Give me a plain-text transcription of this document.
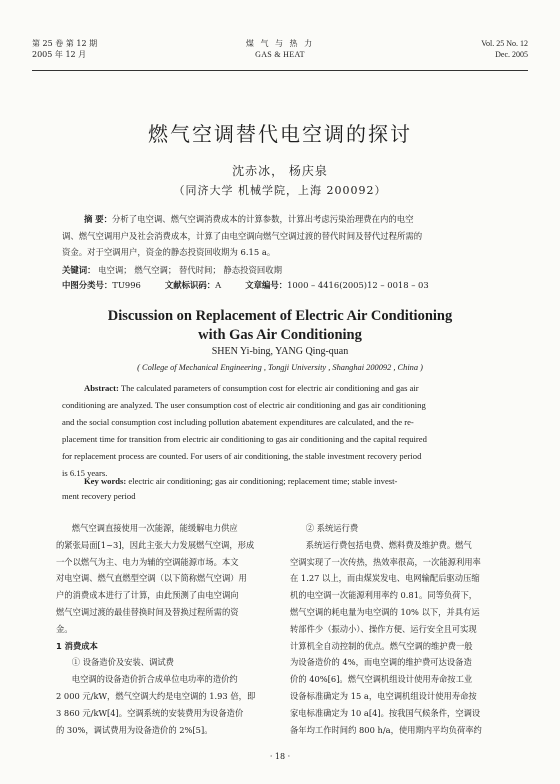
第 25 卷 第 12 期
2005 年 12 月
煤 气 与 热 力
GAS & HEAT
Vol. 25 No. 12
Dec. 2005
燃气空调替代电空调的探讨
沈赤冰， 杨庆泉
（同济大学 机械学院，上海 200092）
摘 要：分析了电空调、燃气空调消费成本的计算参数，计算出考虑污染治理费在内的电空
调、燃气空调用户及社会消费成本，计算了由电空调向燃气空调过渡的替代时间及替代过程所需的
资金。对于空调用户，资金的静态投资回收期为 6.15 a。
关键词： 电空调； 燃气空调； 替代时间； 静态投资回收期
中图分类号：TU996	文献标识码：A	文章编号：1000 – 4416(2005)12 – 0018 – 03
Discussion on Replacement of Electric Air Conditioning
with Gas Air Conditioning
SHEN Yi-bing, YANG Qing-quan
( College of Mechanical Engineering , Tongji University , Shanghai 200092 , China )
Abstract: The calculated parameters of consumption cost for electric air conditioning and gas air
conditioning are analyzed. The user consumption cost of electric air conditioning and gas air conditioning
and the social consumption cost including pollution abatement expenditures are calculated, and the re-
placement time for transition from electric air conditioning to gas air conditioning and the capital required
for replacement process are counted. For users of air conditioning, the stable investment recovery period
is 6.15 years.
Key words: electric air conditioning; gas air conditioning; replacement time; stable invest-
ment recovery period

燃气空调直接使用一次能源，能缓解电力供应

的紧张局面[1~3]，因此主张大力发展燃气空调，形成

一个以燃气为主、电力为辅的空调能源市场。本文

对电空调、燃气直燃型空调（以下简称燃气空调）用

户的消费成本进行了计算，由此预测了由电空调向

燃气空调过渡的最佳替换时间及替换过程所需的资

金。

1 消费成本

① 设备造价及安装、调试费

电空调的设备造价折合成单位电功率的造价约

2 000 元/kW，燃气空调大约是电空调的 1.93 倍，即

3 860 元/kW[4]。空调系统的安装费用为设备造价

的 30%，调试费用为设备造价的 2%[5]。

② 系统运行费

系统运行费包括电费、燃料费及维护费。燃气

空调实现了一次传热，热效率很高，一次能源利用率

在 1.27 以上，而由煤炭发电、电网输配后驱动压缩

机的电空调一次能源利用率约 0.81。同等负荷下，

燃气空调的耗电量为电空调的 10% 以下，并具有运

转部件少（振动小）、操作方便、运行安全且可实现

计算机全自动控制的优点。燃气空调的维护费一般

为设备造价的 4%，而电空调的维护费可达设备造

价的 40%[6]。燃气空调机组设计使用寿命按工业

设备标准确定为 15 a，电空调机组设计使用寿命按

家电标准确定为 10 a[4]。按我国气候条件，空调设

备年均工作时间约 800 h/a，使用期内平均负荷率约

· 18 ·
